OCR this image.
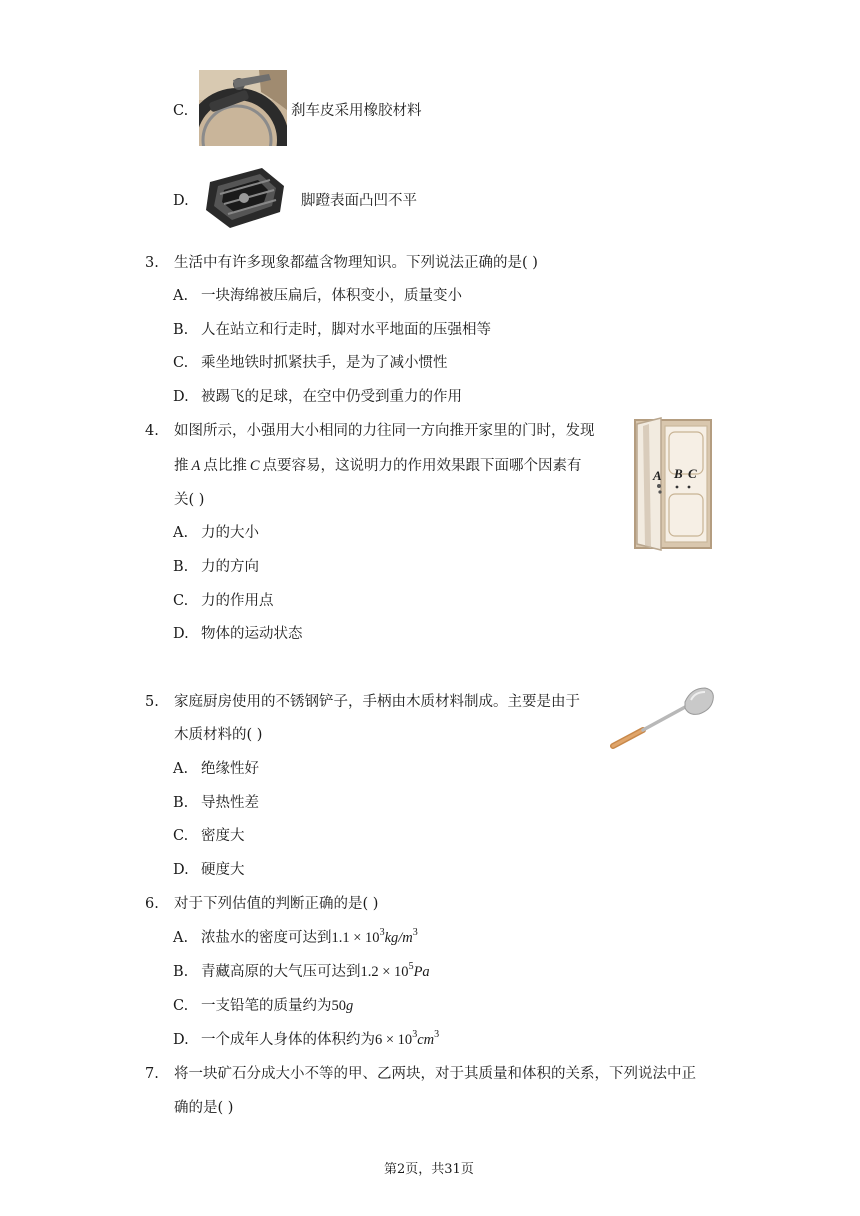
C.	刹车皮采用橡胶材料
D.	脚蹬表面凸凹不平
3. 生活中有许多现象都蕴含物理知识。下列说法正确的是( )
A. 一块海绵被压扁后，体积变小，质量变小
B. 人在站立和行走时，脚对水平地面的压强相等
C. 乘坐地铁时抓紧扶手，是为了减小惯性
D. 被踢飞的足球，在空中仍受到重力的作用
4. 如图所示，小强用大小相同的力往同一方向推开家里的门时，发现
推 A 点比推 C 点要容易，这说明力的作用效果跟下面哪个因素有
关( )
A. 力的大小
B. 力的方向
C. 力的作用点
D. 物体的运动状态
A B C
5. 家庭厨房使用的不锈钢铲子，手柄由木质材料制成。主要是由于
木质材料的( )
A. 绝缘性好
B. 导热性差
C. 密度大
D. 硬度大
6. 对于下列估值的判断正确的是( )
A. 浓盐水的密度可达到$1.1 \times 10^3kg/m^3$
B. 青藏高原的大气压可达到$1.2 \times 10^5Pa$
C. 一支铅笔的质量约为50g
D. 一个成年人身体的体积约为$6 \times 10^3cm^3$
7. 将一块矿石分成大小不等的甲、乙两块，对于其质量和体积的关系，下列说法中正
确的是( )
第2页，共31页
